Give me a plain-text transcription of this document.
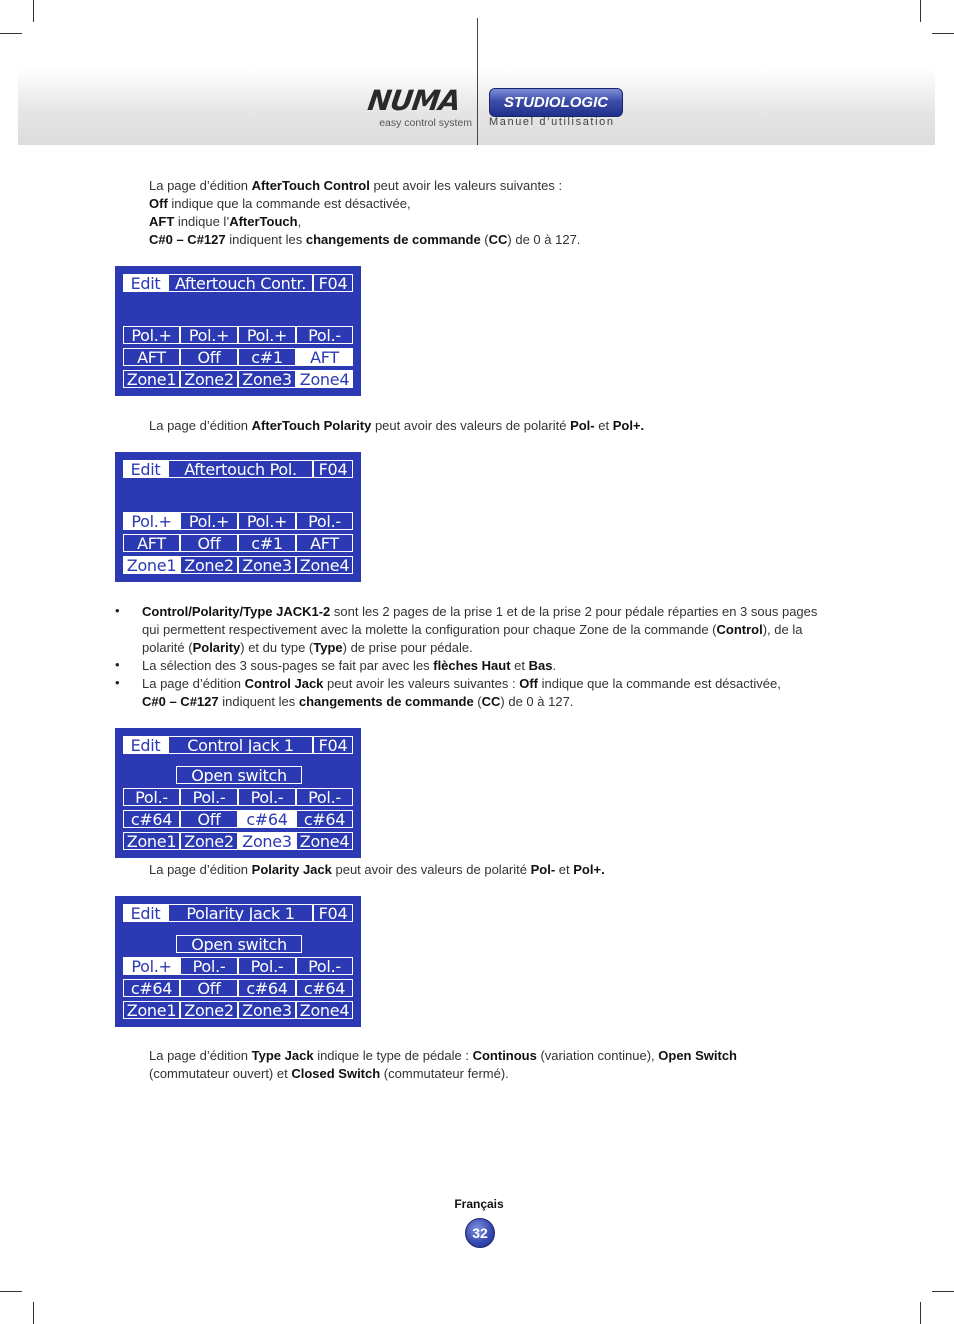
NUMA
easy control system
STUDIOLOGIC
Manuel d’utilisation
La page d’édition AfterTouch Control peut avoir les valeurs suivantes :
Off indique que la commande est désactivée,
AFT indique l’AfterTouch,
C#0 – C#127 indiquent les changements de commande (CC) de 0 à 127.
Edit Aftertouch Contr. F04
Pol.+	Pol.+	Pol.+	Pol.-
AFT	Off	c#1	AFT
Zone1 Zone2 Zone3 Zone4
La page d’édition AfterTouch Polarity peut avoir des valeurs de polarité Pol- et Pol+.
Edit	Aftertouch Pol.	F04
Pol.+	Pol.+	Pol.+	Pol.-
AFT	Off	c#1	AFT
Zone1 Zone2 Zone3 Zone4
• Control/Polarity/Type JACK1-2 sont les 2 pages de la prise 1 et de la prise 2 pour pédale réparties en 3 sous pages
qui permettent respectivement avec la molette la configuration pour chaque Zone de la commande (Control), de la
polarité (Polarity) et du type (Type) de prise pour pédale.
• La sélection des 3 sous-pages se fait par avec les flèches Haut et Bas.
• La page d’édition Control Jack peut avoir les valeurs suivantes : Off indique que la commande est désactivée,
C#0 – C#127 indiquent les changements de commande (CC) de 0 à 127.
Edit	Control Jack 1	F04
Open switch
Pol.-	Pol.-	Pol.-	Pol.-
c#64	Off	c#64	c#64
Zone1 Zone2 Zone3 Zone4
La page d’édition Polarity Jack peut avoir des valeurs de polarité Pol- et Pol+.
Edit	Polarity Jack 1	F04
Open switch
Pol.+	Pol.-	Pol.-	Pol.-
c#64	Off	c#64	c#64
Zone1 Zone2 Zone3 Zone4
La page d’édition Type Jack indique le type de pédale : Continous (variation continue), Open Switch
(commutateur ouvert) et Closed Switch (commutateur fermé).
Français
32
